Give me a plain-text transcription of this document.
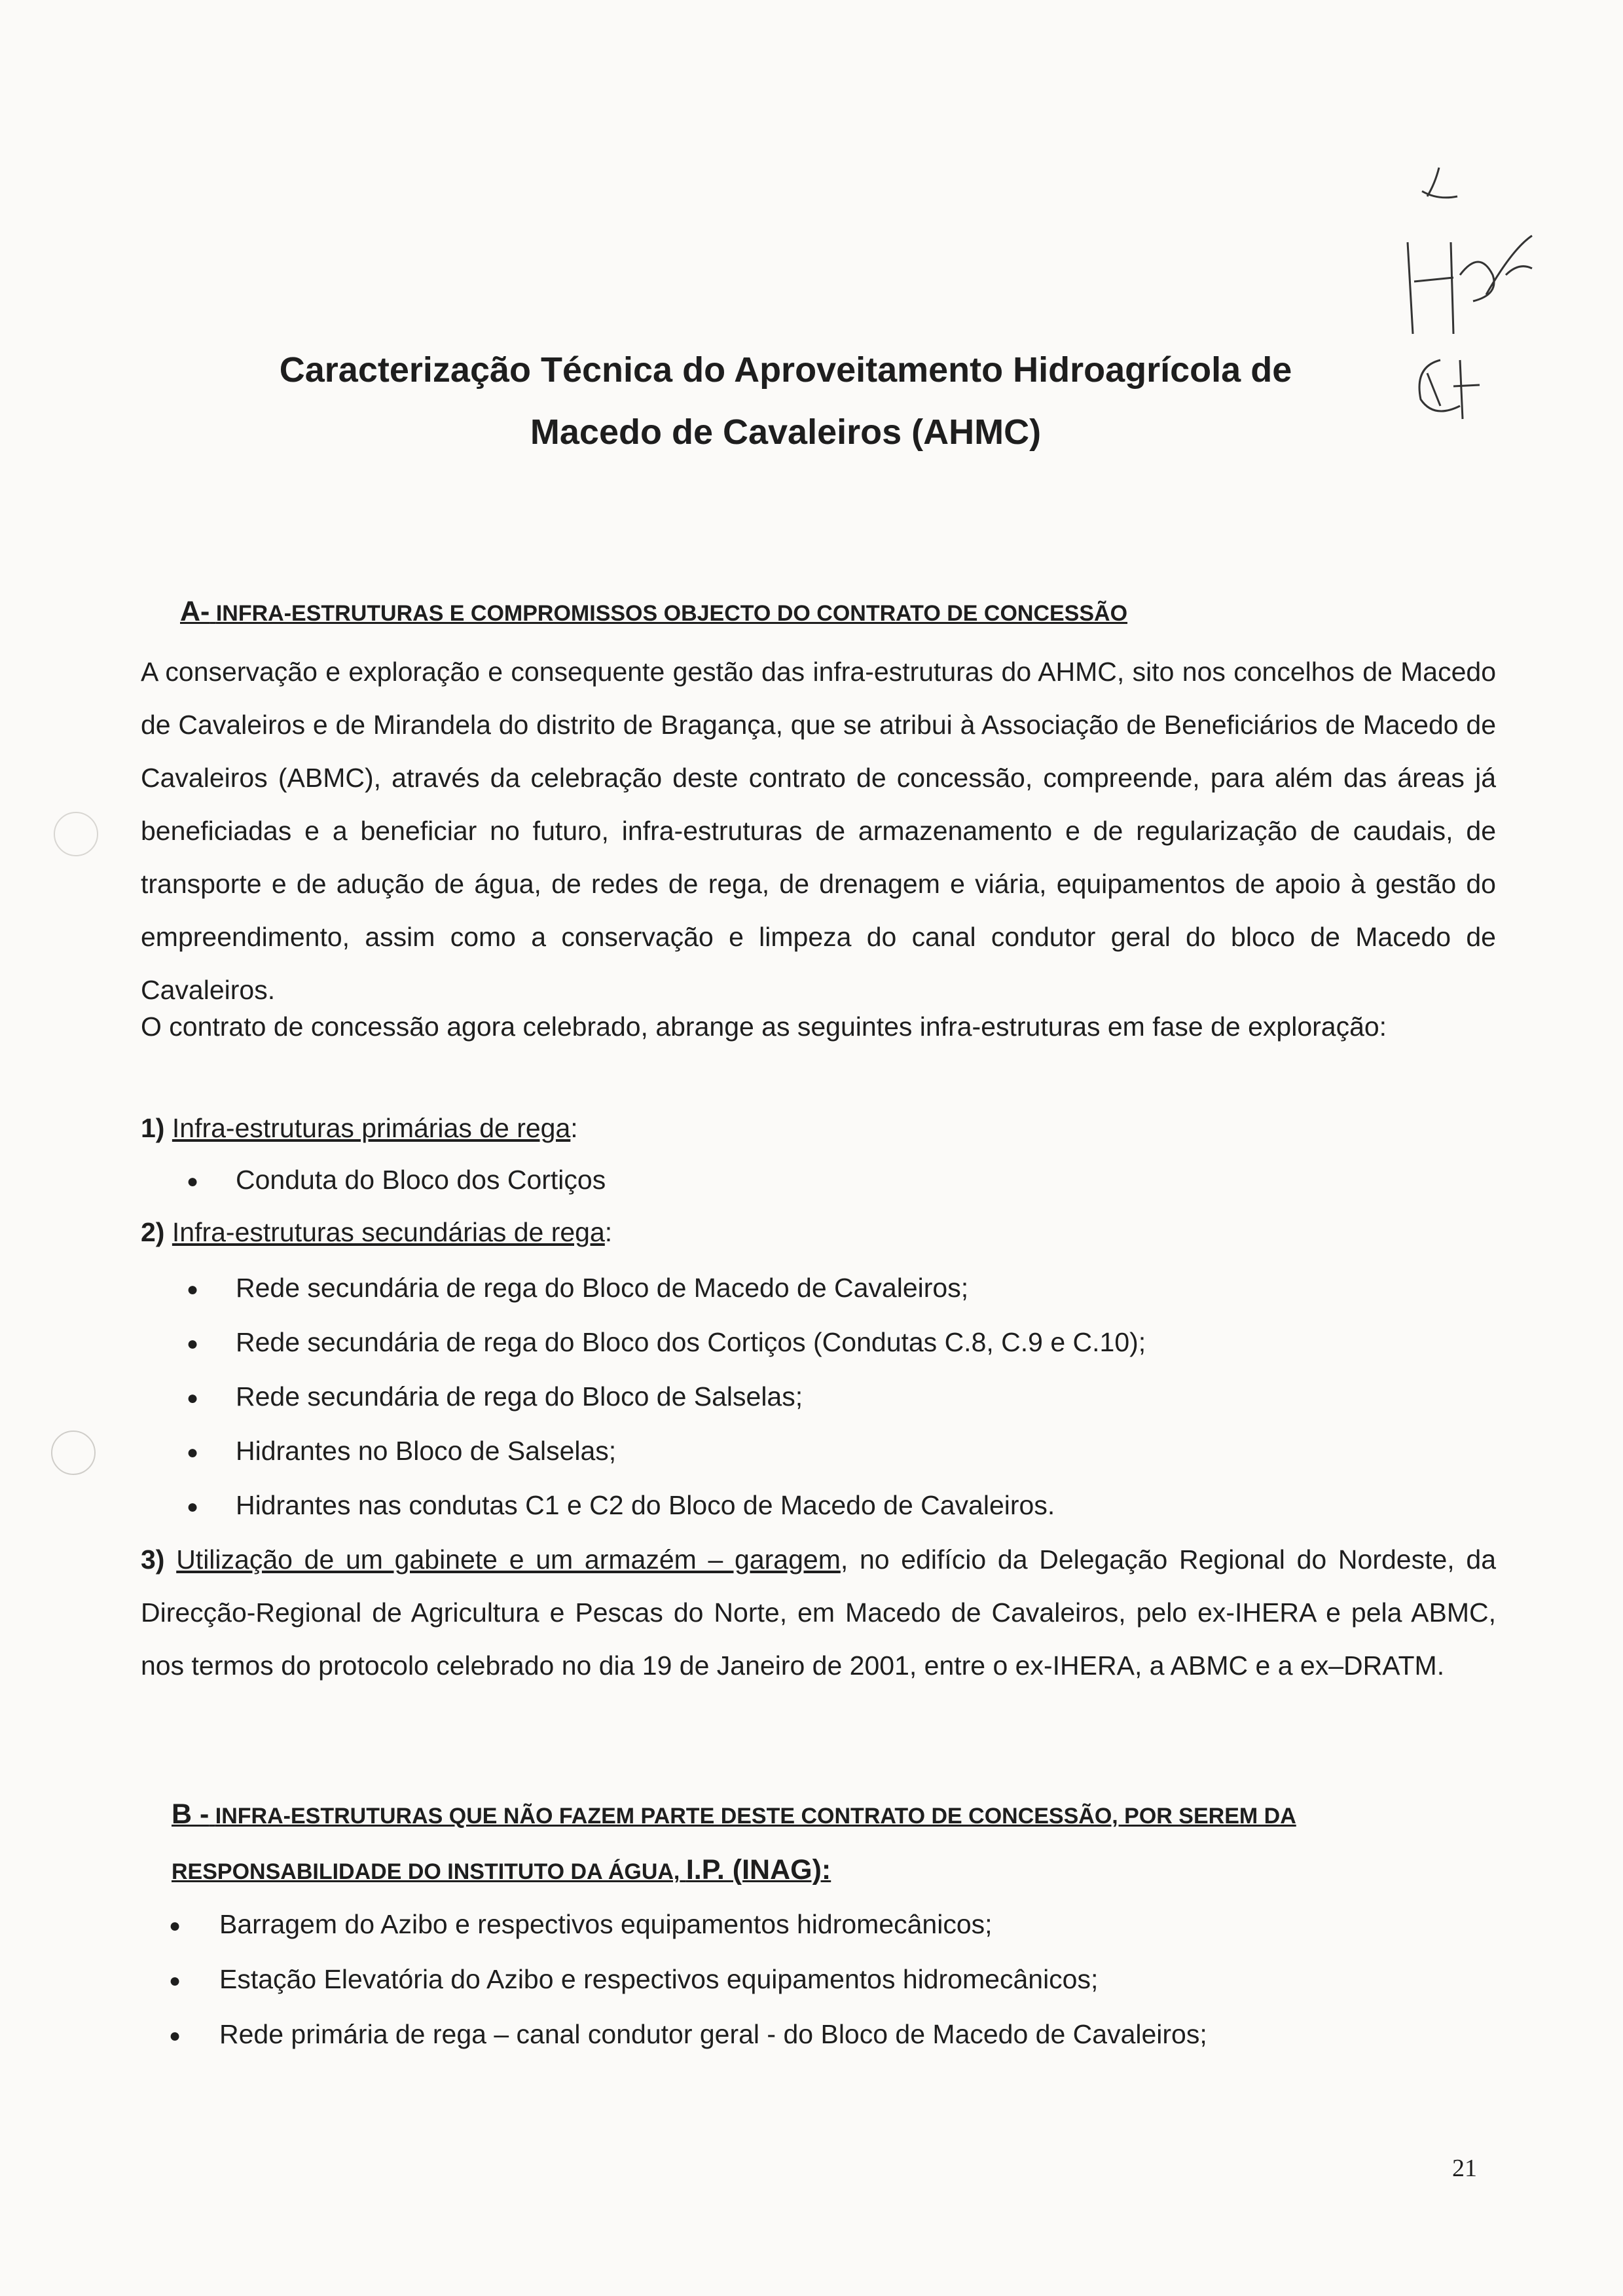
Caracterização Técnica do Aproveitamento Hidroagrícola de
Macedo de Cavaleiros (AHMC)
A- INFRA-ESTRUTURAS E COMPROMISSOS OBJECTO DO CONTRATO DE CONCESSÃO
A conservação e exploração e consequente gestão das infra-estruturas do AHMC, sito nos concelhos de Macedo de Cavaleiros e de Mirandela do distrito de Bragança, que se atribui à Associação de Beneficiários de Macedo de Cavaleiros (ABMC), através da celebração deste contrato de concessão, compreende, para além das áreas já beneficiadas e a beneficiar no futuro, infra-estruturas de armazenamento e de regularização de caudais, de transporte e de adução de água, de redes de rega, de drenagem e viária, equipamentos de apoio à gestão do empreendimento, assim como a conservação e limpeza do canal condutor geral do bloco de Macedo de Cavaleiros.
O contrato de concessão agora celebrado, abrange as seguintes infra-estruturas em fase de exploração:
1) Infra-estruturas primárias de rega:
● Conduta do Bloco dos Cortiços
2) Infra-estruturas secundárias de rega:
● Rede secundária de rega do Bloco de Macedo de Cavaleiros;
● Rede secundária de rega do Bloco dos Cortiços (Condutas C.8, C.9 e C.10);
● Rede secundária de rega do Bloco de Salselas;
● Hidrantes no Bloco de Salselas;
● Hidrantes nas condutas C1 e C2 do Bloco de Macedo de Cavaleiros.
3) Utilização de um gabinete e um armazém – garagem, no edifício da Delegação Regional do Nordeste, da Direcção-Regional de Agricultura e Pescas do Norte, em Macedo de Cavaleiros, pelo ex-IHERA e pela ABMC, nos termos do protocolo celebrado no dia 19 de Janeiro de 2001, entre o ex-IHERA, a ABMC e a ex–DRATM.
B - INFRA-ESTRUTURAS QUE NÃO FAZEM PARTE DESTE CONTRATO DE CONCESSÃO, POR SEREM DA
RESPONSABILIDADE DO INSTITUTO DA ÁGUA, I.P. (INAG):
● Barragem do Azibo e respectivos equipamentos hidromecânicos;
● Estação Elevatória do Azibo e respectivos equipamentos hidromecânicos;
● Rede primária de rega – canal condutor geral - do Bloco de Macedo de Cavaleiros;
21
